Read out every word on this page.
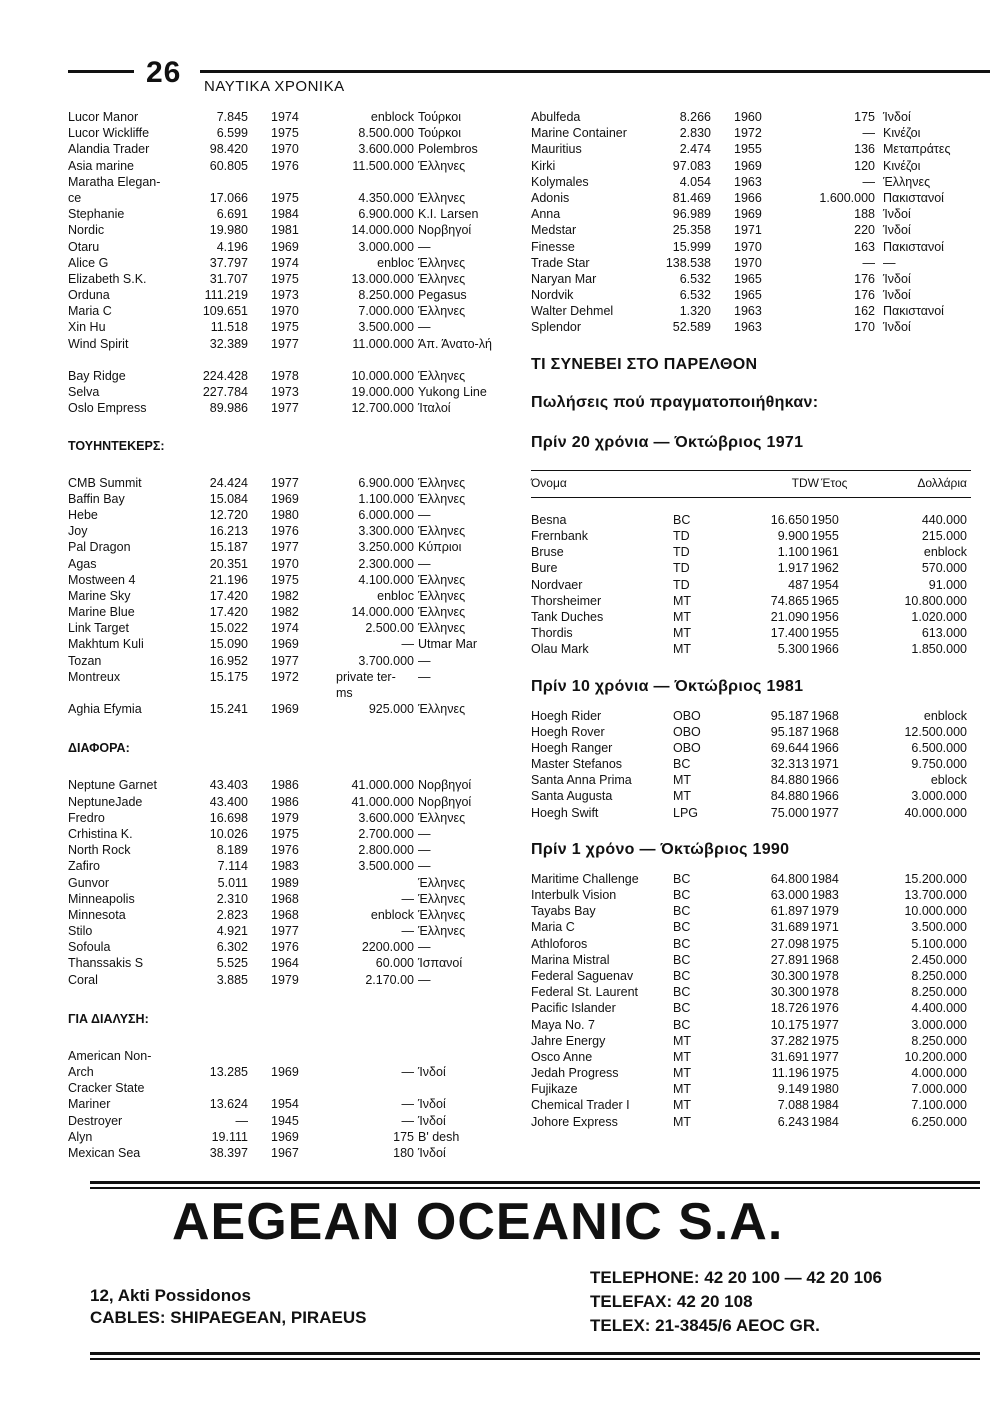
26 ΝΑΥΤΙΚΑ ΧΡΟΝΙΚΑ
Lucor Manor	7.845 1974	enblock Τούρκοι
Lucor Wickliffe	6.599 1975	8.500.000 Τούρκοι
Alandia Trader	98.420 1970	3.600.000 Polembros
Asia marine	60.805 1976	11.500.000 Έλληνες
Maratha Elegan-
ce	17.066 1975	4.350.000 Έλληνες
Stephanie	6.691 1984	6.900.000 K.I. Larsen
Nordic	19.980 1981	14.000.000 Νορβηγοί
Otaru	4.196 1969	3.000.000 —
Alice G	37.797 1974	enbloc Έλληνες
Elizabeth S.K.	31.707 1975	13.000.000 Έλληνες
Orduna	111.219 1973	8.250.000 Pegasus
Maria C	109.651 1970	7.000.000 Έλληνες
Xin Hu	11.518 1975	3.500.000 —
Wind Spirit	32.389 1977	11.000.000 Άπ. Άνατο-λή
Bay Ridge	224.428 1978	10.000.000 Έλληνες
Selva	227.784 1973	19.000.000 Yukong Line
Oslo Empress	89.986 1977	12.700.000 Ίταλοί
ΤΟΥΗΝΤΕΚΕΡΣ:
CMB Summit	24.424 1977	6.900.000 Έλληνες
Baffin Bay	15.084 1969	1.100.000 Έλληνες
Hebe	12.720 1980	6.000.000 —
Joy	16.213 1976	3.300.000 Έλληνες
Pal Dragon	15.187 1977	3.250.000 Κύπριοι
Agas	20.351 1970	2.300.000 —
Mostween 4	21.196 1975	4.100.000 Έλληνες
Marine Sky	17.420 1982	enbloc Έλληνες
Marine Blue	17.420 1982	14.000.000 Έλληνες
Link Target	15.022 1974	2.500.00 Έλληνες
Makhtum Kuli	15.090 1969	— Utmar Mar
Tozan	16.952 1977	3.700.000 —
Montreux	15.175 1972	private ter-ms
—
Aghia Efymia	15.241 1969	925.000 Έλληνες
ΔΙΑΦΟΡΑ:
Neptune Garnet	43.403 1986	41.000.000 Νορβηγοί
NeptuneJade	43.400 1986	41.000.000 Νορβηγοί
Fredro	16.698 1979	3.600.000 Έλληνες
Crhistina K.	10.026 1975	2.700.000 —
North Rock	8.189 1976	2.800.000 —
Zafiro	7.114 1983	3.500.000 —
Gunvor	5.011 1989	Έλληνες
Minneapolis	2.310 1968	— Έλληνες
Minnesota	2.823 1968	enblock Έλληνες
Stilo	4.921 1977	— Έλληνες
Sofoula	6.302 1976	2200.000 —
Thanssakis S	5.525 1964	60.000 Ίσπανοί
Coral	3.885 1979	2.170.00 —
ΓΙΑ ΔΙΑΛΥΣΗ:
American Non-
Arch	13.285 1969	— Ίνδοί
Cracker State
Mariner	13.624 1954	— Ίνδοί
Destroyer	— 1945	— Ίνδοί
Alyn	19.111 1969	175 B' desh
Mexican Sea	38.397 1967	180 Ίνδοί
Abulfeda	8.266 1960	175 Ίνδοί
Marine Container	2.830 1972	— Κινέζοι
Mauritius	2.474 1955	136 Μεταπράτες
Kirki	97.083 1969	120 Κινέζοι
Kolymales	4.054 1963	— Έλληνες
Adonis	81.469 1966	1.600.000 Πακιστανοί
Anna	96.989 1969	188 Ίνδοί
Medstar	25.358 1971	220 Ίνδοί
Finesse	15.999 1970	163 Πακιστανοί
Trade Star	138.538 1970	— —
Naryan Mar	6.532 1965	176 Ίνδοί
Nordvik	6.532 1965	176 Ίνδοί
Walter Dehmel	1.320 1963	162 Πακιστανοί
Splendor	52.589 1963	170 Ίνδοί
ΤΙ ΣΥΝΕΒΕΙ ΣΤΟ ΠΑΡΕΛΘΟΝ
Πωλήσεις πού πραγματοποιήθηκαν:
Πρίν 20 χρόνια — Όκτώβριος 1971
Όνομα	TDW Έτος	Δολλάρια
Besna	BC	16.650 1950	440.000
Frernbank	TD	9.900 1955	215.000
Bruse	TD	1.100 1961	enblock
Bure	TD	1.917 1962	570.000
Nordvaer	TD	487 1954	91.000
Thorsheimer	MT	74.865 1965	10.800.000
Tank Duches	MT	21.090 1956	1.020.000
Thordis	MT	17.400 1955	613.000
Olau Mark	MT	5.300 1966	1.850.000
Πρίν 10 χρόνια — Όκτώβριος 1981
Hoegh Rider	OBO	95.187 1968	enblock
Hoegh Rover	OBO	95.187 1968	12.500.000
Hoegh Ranger	OBO	69.644 1966	6.500.000
Master Stefanos	BC	32.313 1971	9.750.000
Santa Anna Prima	MT	84.880 1966	eblock
Santa Augusta	MT	84.880 1966	3.000.000
Hoegh Swift	LPG	75.000 1977	40.000.000
Πρίν 1 χρόνο — Όκτώβριος 1990
Maritime Challenge	BC	64.800 1984	15.200.000
Interbulk Vision	BC	63.000 1983	13.700.000
Tayabs Bay	BC	61.897 1979	10.000.000
Maria C	BC	31.689 1971	3.500.000
Athloforos	BC	27.098 1975	5.100.000
Marina Mistral	BC	27.891 1968	2.450.000
Federal Saguenav	BC	30.300 1978	8.250.000
Federal St. Laurent	BC	30.300 1978	8.250.000
Pacific Islander	BC	18.726 1976	4.400.000
Maya No. 7	BC	10.175 1977	3.000.000
Jahre Energy	MT	37.282 1975	8.250.000
Osco Anne	MT	31.691 1977	10.200.000
Jedah Progress	MT	11.196 1975	4.000.000
Fujikaze	MT	9.149 1980	7.000.000
Chemical Trader I	MT	7.088 1984	7.100.000
Johore Express	MT	6.243 1984	6.250.000
AEGEAN OCEANIC S.A.
12, Akti Possidonos
CABLES: SHIPAEGEAN, PIRAEUS
TELEPHONE: 42 20 100 — 42 20 106
TELEFAX: 42 20 108
TELEX: 21-3845/6 AEOC GR.
